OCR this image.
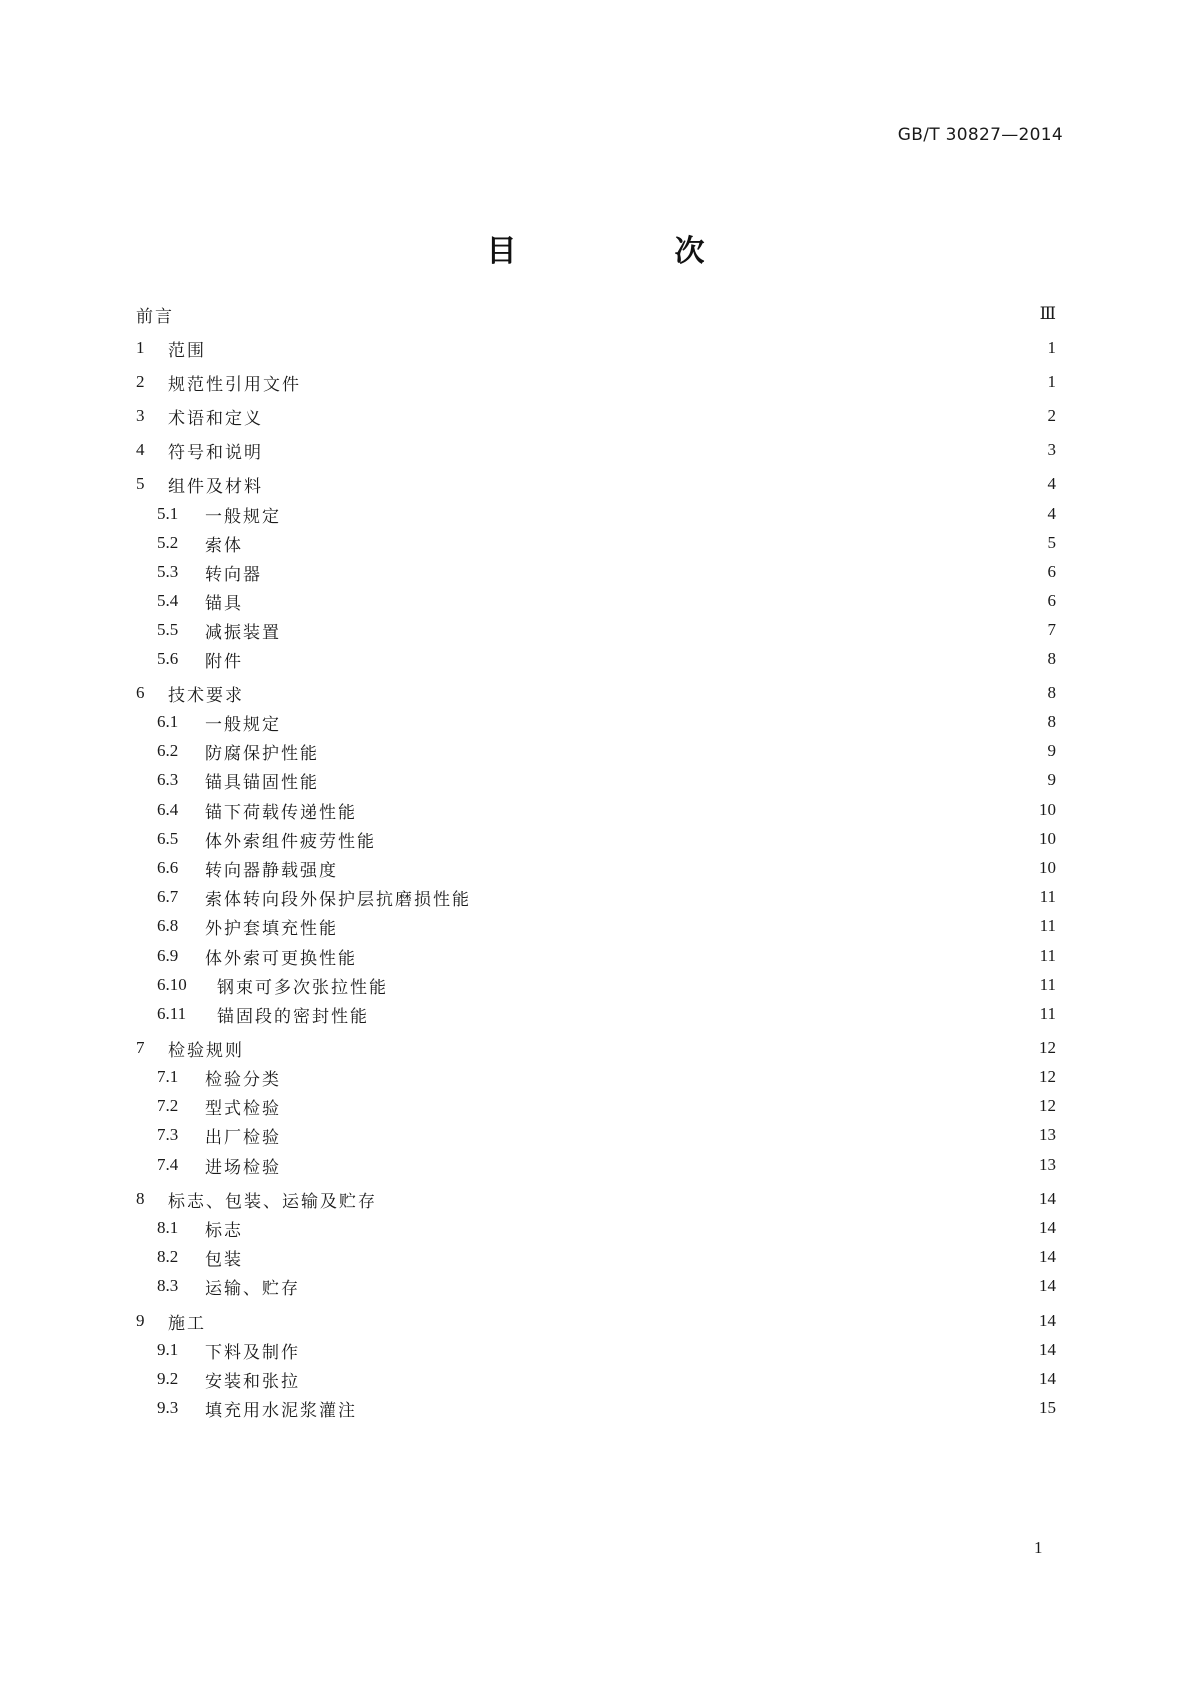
GB/T 30827—2014
目　次
前言	Ⅲ
1	范围	1
2	规范性引用文件	1
3	术语和定义	2
4	符号和说明	3
5	组件及材料	4
5.1	一般规定	4
5.2	索体	5
5.3	转向器	6
5.4	锚具	6
5.5	减振装置	7
5.6	附件	8
6	技术要求	8
6.1	一般规定	8
6.2	防腐保护性能	9
6.3	锚具锚固性能	9
6.4	锚下荷载传递性能	10
6.5	体外索组件疲劳性能	10
6.6	转向器静载强度	10
6.7	索体转向段外保护层抗磨损性能	11
6.8	外护套填充性能	11
6.9	体外索可更换性能	11
6.10	钢束可多次张拉性能	11
6.11	锚固段的密封性能	11
7	检验规则	12
7.1	检验分类	12
7.2	型式检验	12
7.3	出厂检验	13
7.4	进场检验	13
8	标志、包装、运输及贮存	14
8.1	标志	14
8.2	包装	14
8.3	运输、贮存	14
9	施工	14
9.1	下料及制作	14
9.2	安装和张拉	14
9.3	填充用水泥浆灌注	15
1
